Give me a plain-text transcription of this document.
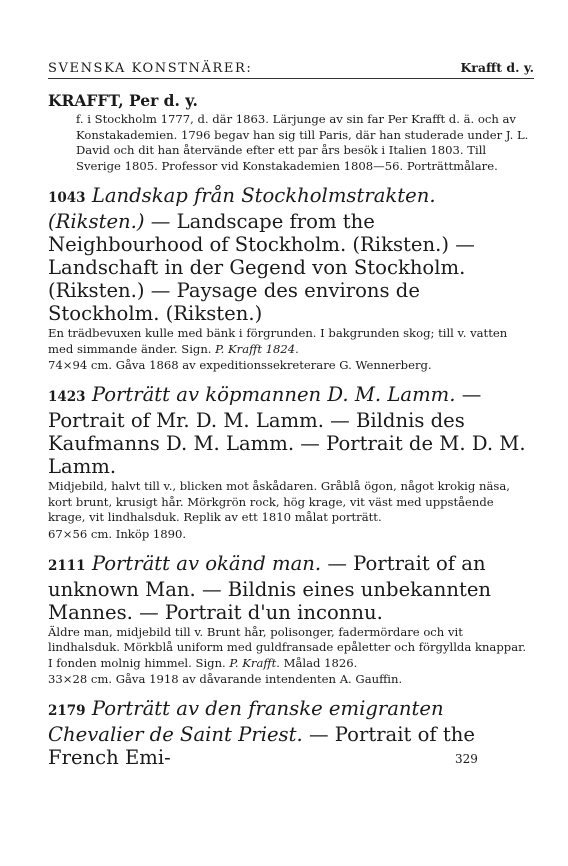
SVENSKA KONSTNÄRER:	Krafft d. y.
KRAFFT, Per d. y.
f. i Stockholm 1777, d. där 1863. Lärjunge av sin far Per Krafft d. ä. och av Konstakademien. 1796 begav han sig till Paris, där han studerade under J. L. David och dit han återvände efter ett par års besök i Italien 1803. Till Sverige 1805. Professor vid Konstakademien 1808—56. Porträttmålare.
1043 Landskap från Stockholmstrakten. (Riksten.) — Landscape from the Neighbourhood of Stockholm. (Riksten.) — Landschaft in der Gegend von Stockholm. (Riksten.) — Paysage des environs de Stockholm. (Riksten.)
En trädbevuxen kulle med bänk i förgrunden. I bakgrunden skog; till v. vatten med simmande änder. Sign. P. Krafft 1824.
74×94 cm. Gåva 1868 av expeditionssekreterare G. Wennerberg.
1423 Porträtt av köpmannen D. M. Lamm. — Portrait of Mr. D. M. Lamm. — Bildnis des Kaufmanns D. M. Lamm. — Portrait de M. D. M. Lamm.
Midjebild, halvt till v., blicken mot åskådaren. Gråblå ögon, något krokig näsa, kort brunt, krusigt hår. Mörkgrön rock, hög krage, vit väst med uppstående krage, vit lindhalsduk. Replik av ett 1810 målat porträtt.
67×56 cm. Inköp 1890.
2111 Porträtt av okänd man. — Portrait of an unknown Man. — Bildnis eines unbekannten Mannes. — Portrait d'un inconnu.
Äldre man, midjebild till v. Brunt hår, polisonger, fadermördare och vit lindhalsduk. Mörkblå uniform med guldfransade epåletter och förgyllda knappar. I fonden molnig himmel. Sign. P. Krafft. Målad 1826.
33×28 cm. Gåva 1918 av dåvarande intendenten A. Gauffin.
2179 Porträtt av den franske emigranten Chevalier de Saint Priest. — Portrait of the French Emi-	329
